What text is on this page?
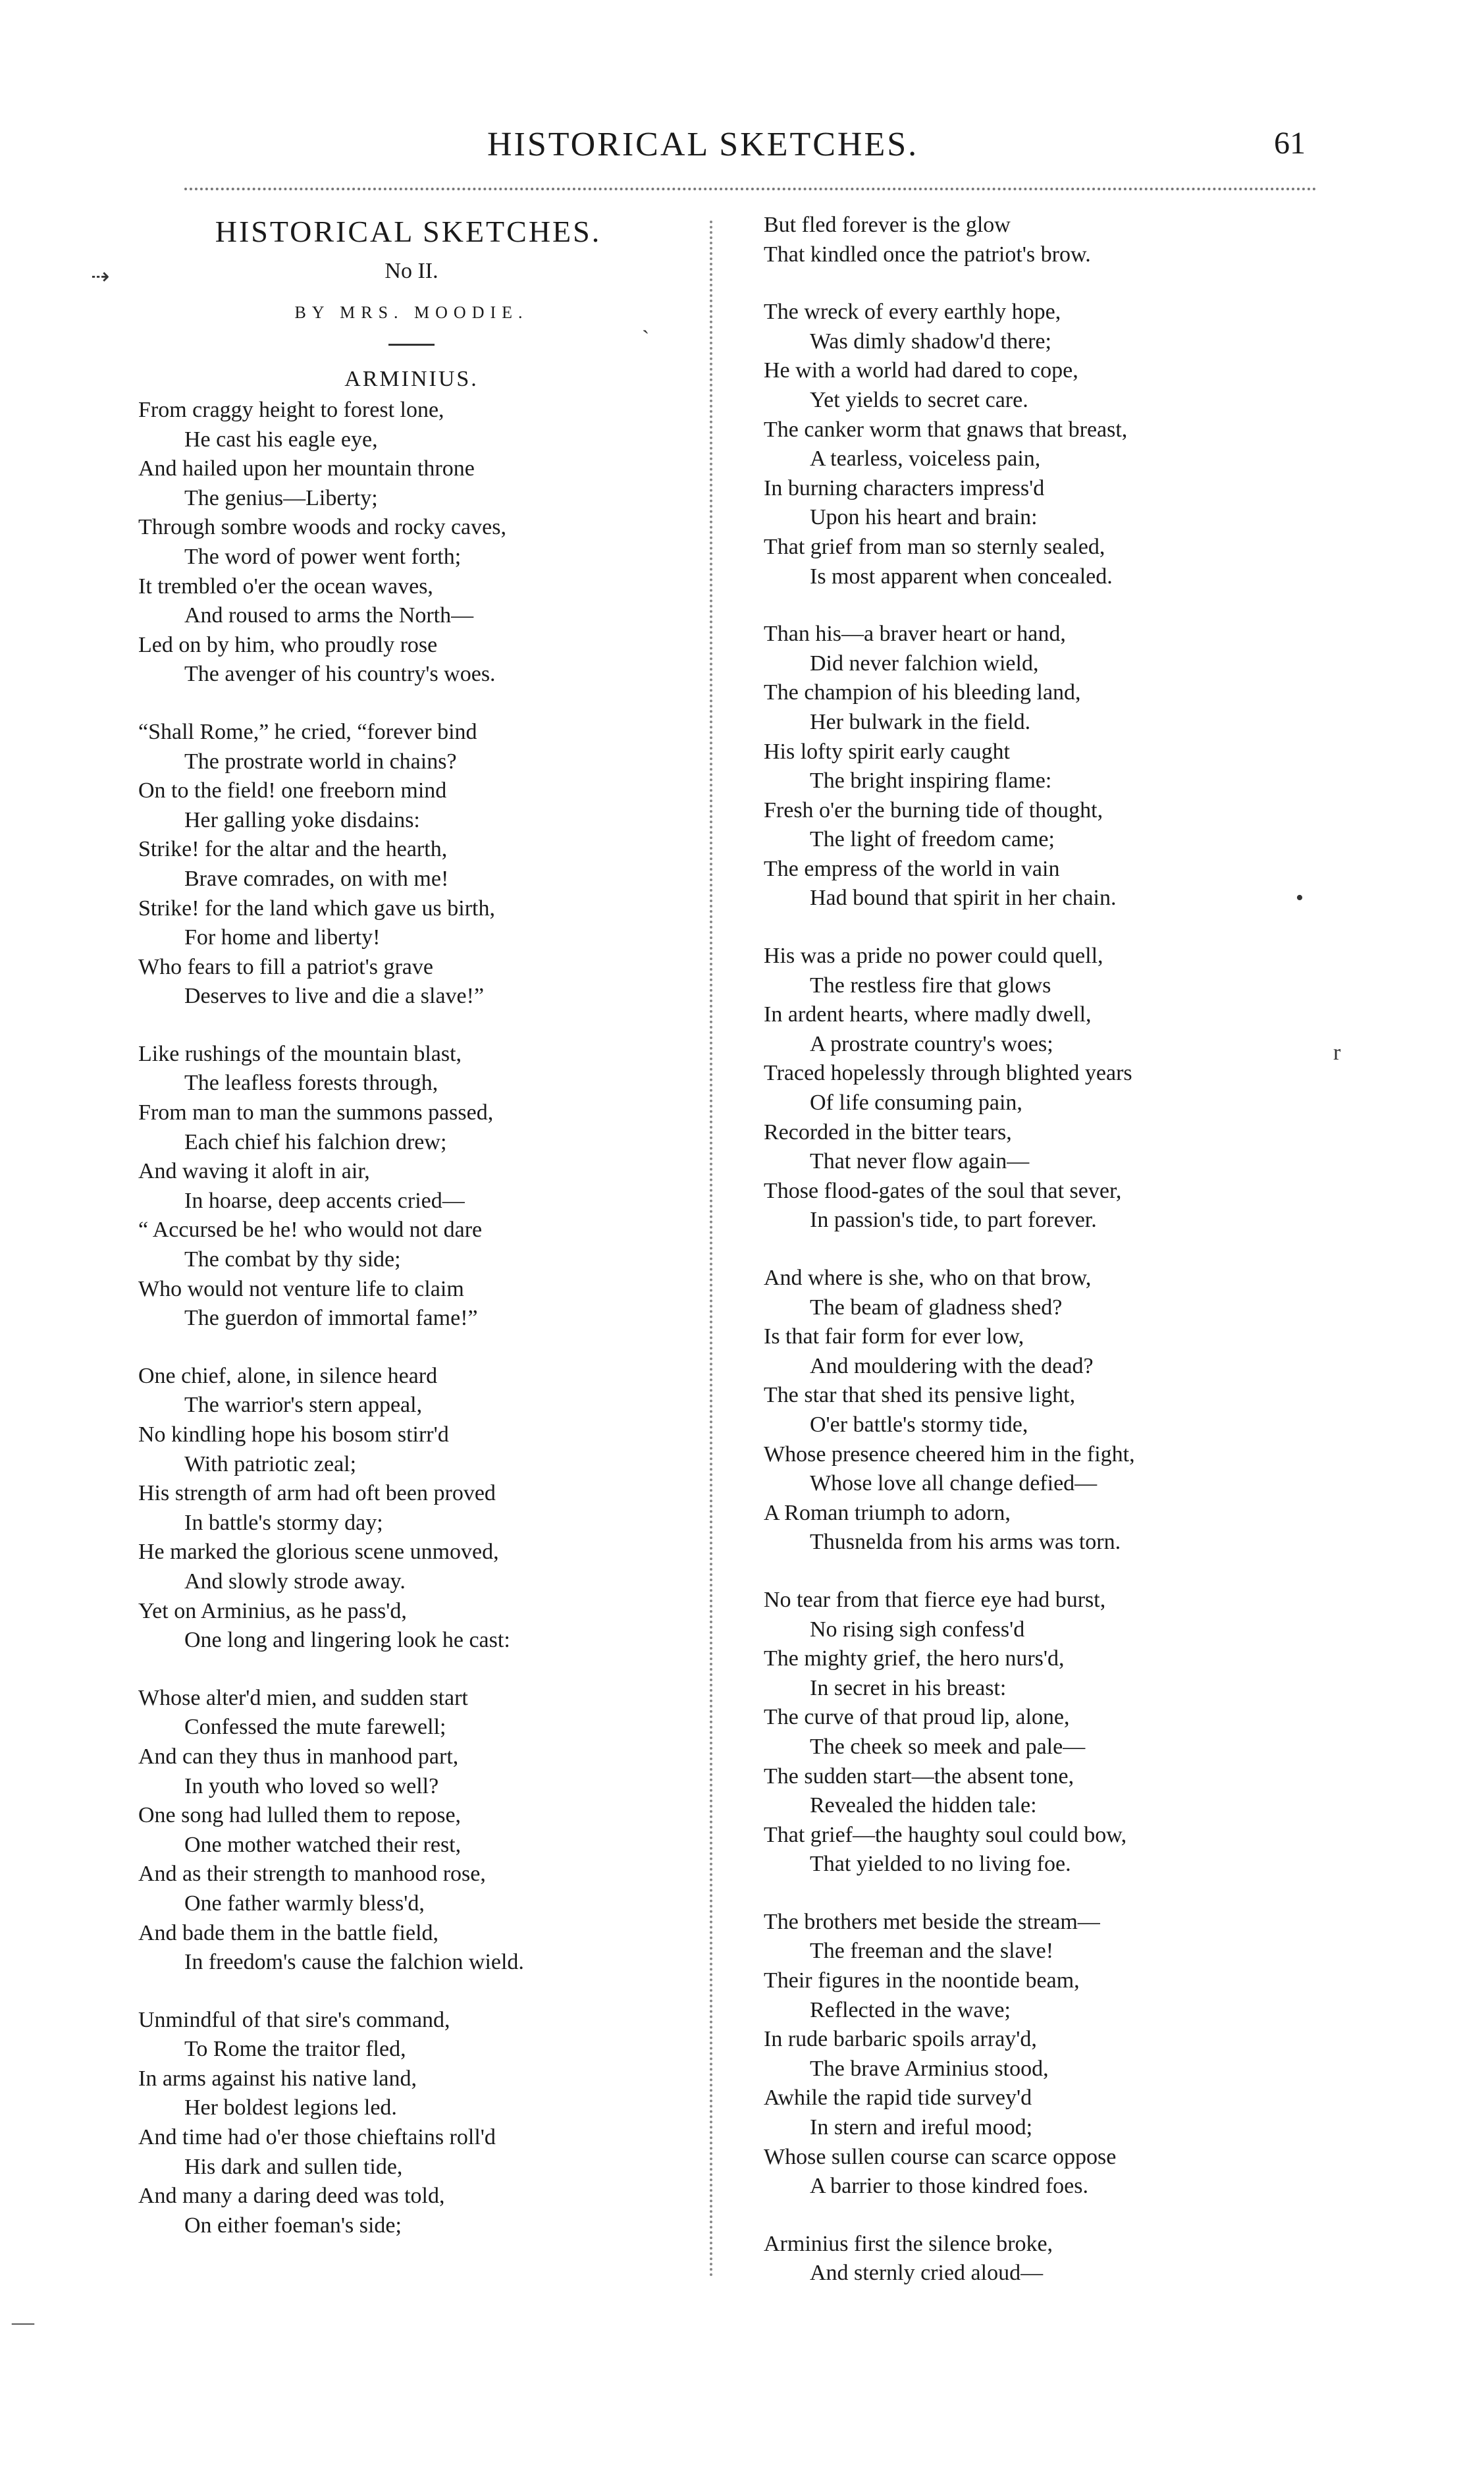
HISTORICAL SKETCHES.	61
⇢
ˎ
•
r
—
HISTORICAL SKETCHES.
No II.
BY MRS. MOODIE.
ARMINIUS.
From craggy height to forest lone,
He cast his eagle eye,
And hailed upon her mountain throne
The genius—Liberty;
Through sombre woods and rocky caves,
The word of power went forth;
It trembled o'er the ocean waves,
And roused to arms the North—
Led on by him, who proudly rose
The avenger of his country's woes.
“Shall Rome,” he cried, “forever bind
The prostrate world in chains?
On to the field! one freeborn mind
Her galling yoke disdains:
Strike! for the altar and the hearth,
Brave comrades, on with me!
Strike! for the land which gave us birth,
For home and liberty!
Who fears to fill a patriot's grave
Deserves to live and die a slave!”
Like rushings of the mountain blast,
The leafless forests through,
From man to man the summons passed,
Each chief his falchion drew;
And waving it aloft in air,
In hoarse, deep accents cried—
“ Accursed be he! who would not dare
The combat by thy side;
Who would not venture life to claim
The guerdon of immortal fame!”
One chief, alone, in silence heard
The warrior's stern appeal,
No kindling hope his bosom stirr'd
With patriotic zeal;
His strength of arm had oft been proved
In battle's stormy day;
He marked the glorious scene unmoved,
And slowly strode away.
Yet on Arminius, as he pass'd,
One long and lingering look he cast:
Whose alter'd mien, and sudden start
Confessed the mute farewell;
And can they thus in manhood part,
In youth who loved so well?
One song had lulled them to repose,
One mother watched their rest,
And as their strength to manhood rose,
One father warmly bless'd,
And bade them in the battle field,
In freedom's cause the falchion wield.
Unmindful of that sire's command,
To Rome the traitor fled,
In arms against his native land,
Her boldest legions led.
And time had o'er those chieftains roll'd
His dark and sullen tide,
And many a daring deed was told,
On either foeman's side;
But fled forever is the glow
That kindled once the patriot's brow.
The wreck of every earthly hope,
Was dimly shadow'd there;
He with a world had dared to cope,
Yet yields to secret care.
The canker worm that gnaws that breast,
A tearless, voiceless pain,
In burning characters impress'd
Upon his heart and brain:
That grief from man so sternly sealed,
Is most apparent when concealed.
Than his—a braver heart or hand,
Did never falchion wield,
The champion of his bleeding land,
Her bulwark in the field.
His lofty spirit early caught
The bright inspiring flame:
Fresh o'er the burning tide of thought,
The light of freedom came;
The empress of the world in vain
Had bound that spirit in her chain.
His was a pride no power could quell,
The restless fire that glows
In ardent hearts, where madly dwell,
A prostrate country's woes;
Traced hopelessly through blighted years
Of life consuming pain,
Recorded in the bitter tears,
That never flow again—
Those flood-gates of the soul that sever,
In passion's tide, to part forever.
And where is she, who on that brow,
The beam of gladness shed?
Is that fair form for ever low,
And mouldering with the dead?
The star that shed its pensive light,
O'er battle's stormy tide,
Whose presence cheered him in the fight,
Whose love all change defied—
A Roman triumph to adorn,
Thusnelda from his arms was torn.
No tear from that fierce eye had burst,
No rising sigh confess'd
The mighty grief, the hero nurs'd,
In secret in his breast:
The curve of that proud lip, alone,
The cheek so meek and pale—
The sudden start—the absent tone,
Revealed the hidden tale:
That grief—the haughty soul could bow,
That yielded to no living foe.
The brothers met beside the stream—
The freeman and the slave!
Their figures in the noontide beam,
Reflected in the wave;
In rude barbaric spoils array'd,
The brave Arminius stood,
Awhile the rapid tide survey'd
In stern and ireful mood;
Whose sullen course can scarce oppose
A barrier to those kindred foes.
Arminius first the silence broke,
And sternly cried aloud—
